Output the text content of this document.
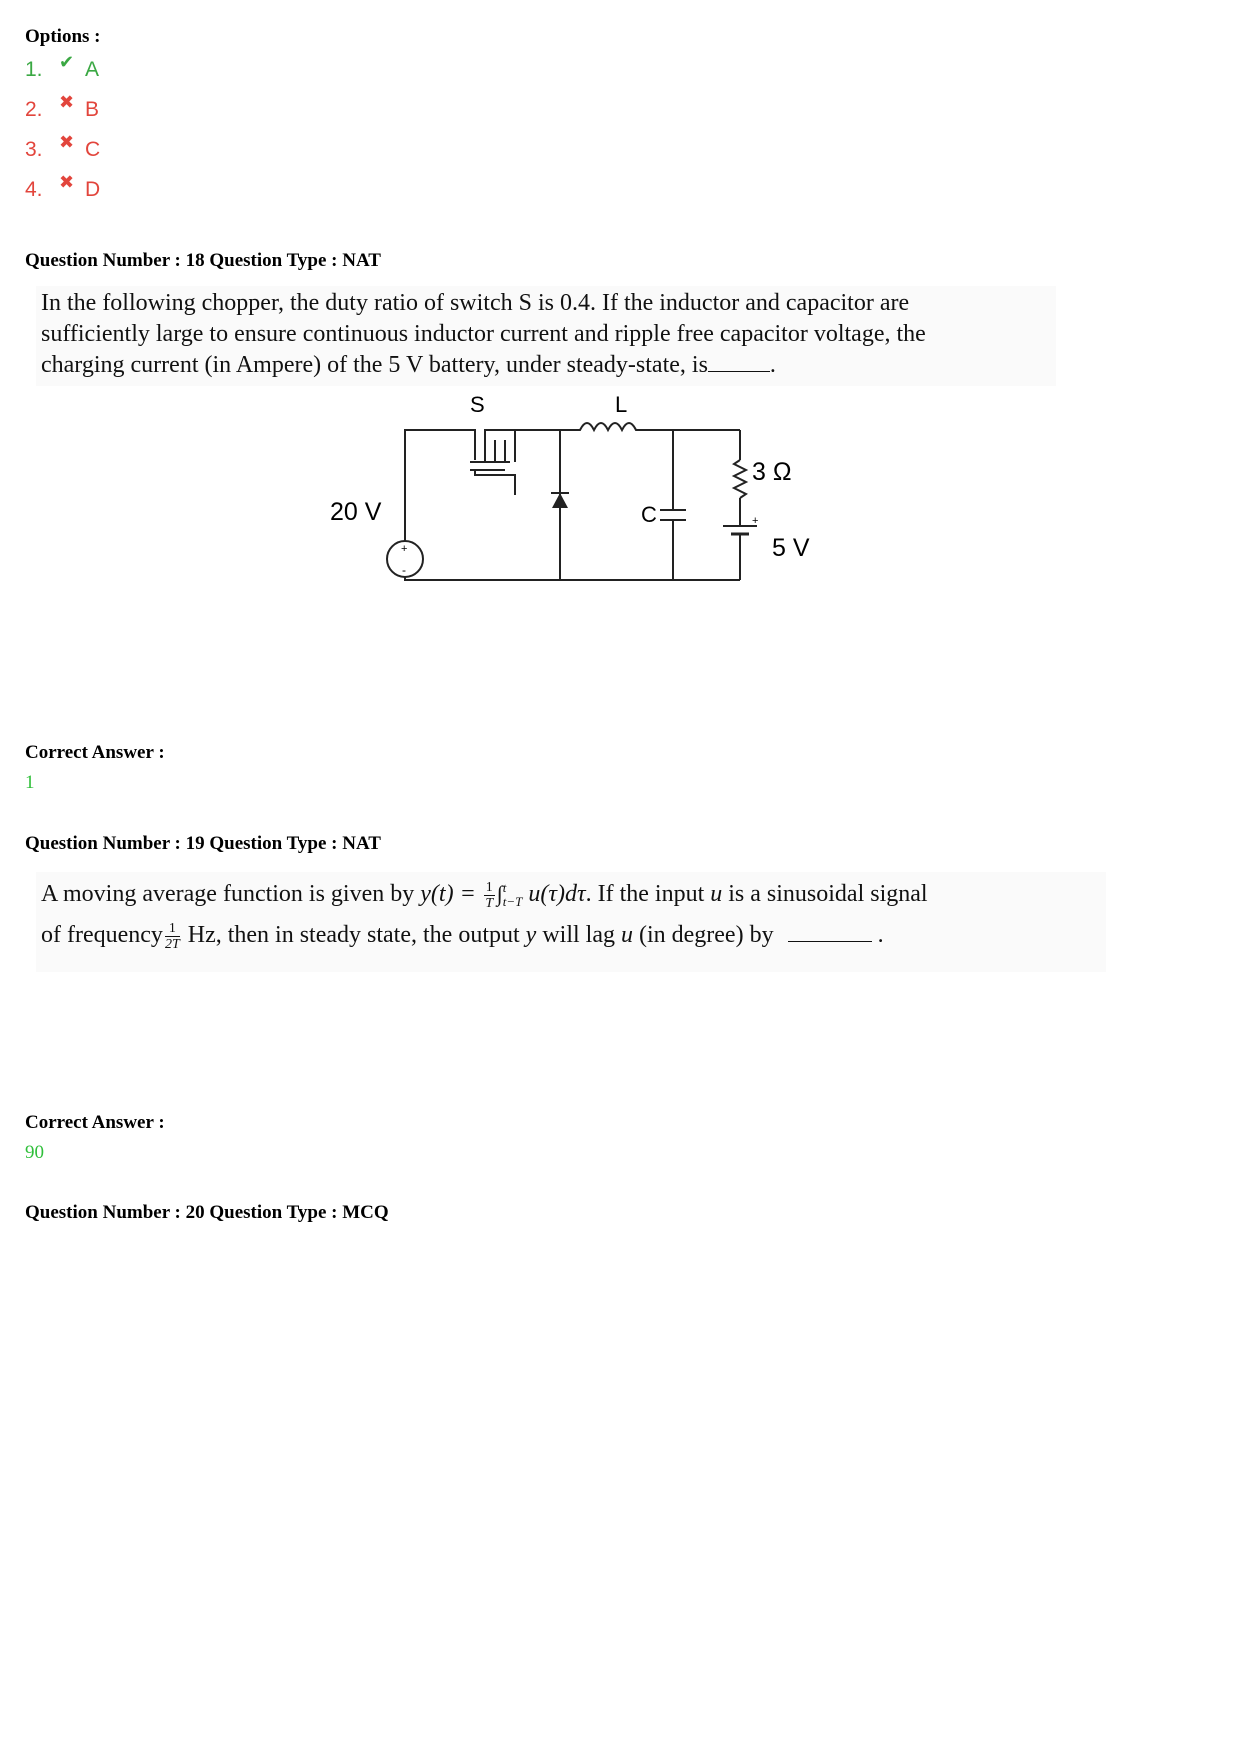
Options :
1. ✔ A
2. ✖ B
3. ✖ C
4. ✖ D
Question Number : 18 Question Type : NAT
In the following chopper, the duty ratio of switch S is 0.4. If the inductor and capacitor are
sufficiently large to ensure continuous inductor current and ripple free capacitor voltage, the
charging current (in Ampere) of the 5 V battery, under steady-state, is	.
+
-
+
S	L
20 V	C
3 Ω
5 V
Correct Answer :
1
Question Number : 19 Question Type : NAT
A moving average function is given by $y(t) = \frac{1}{T}$ ∫ t
t−T u(τ)dτ. If the input u is a sinusoidal signal
of frequency $\frac{1}{2T} Hz$, then in steady state, the output y will lag u (in degree) by	.
Correct Answer :
90
Question Number : 20 Question Type : MCQ
